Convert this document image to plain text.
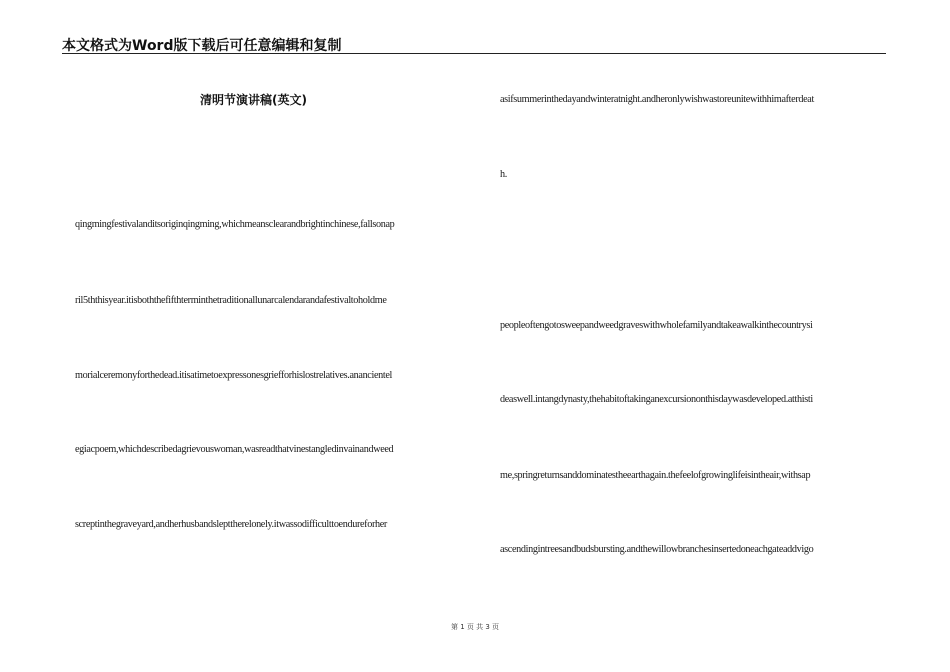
本文格式为Word版下载后可任意编辑和复制
清明节演讲稿(英文)
qingmingfestivalanditsoriginqingming,whichmeansclearandbrightinchinese,fallsonap
ril5ththisyear.itisboththefifthterminthetraditionallunarcalendarandafestivaltoholdme
morialceremonyforthedead.itisatimetoexpressonesgriefforhislostrelatives.anancientel
egiacpoem,whichdescribedagrievouswoman,wasreadthatvinestangledinvainandweed
screptinthegraveyard,andherhusbandslepttherelonely.itwassodifficulttoendureforher
asifsummerinthedayandwinteratnight.andheronlywishwastoreunitewithhimafterdeat
h.
peopleoftengotosweepandweedgraveswithwholefamilyandtakeawalkinthecountrysi
deaswell.intangdynasty,thehabitoftakinganexcursiononthisdaywasdeveloped.atthisti
me,springreturnsanddominatestheearthagain.thefeelofgrowinglifeisintheair,withsap
ascendingintreesandbudsbursting.andthewillowbranchesinsertedoneachgateaddvigo
第 1 页 共 3 页
